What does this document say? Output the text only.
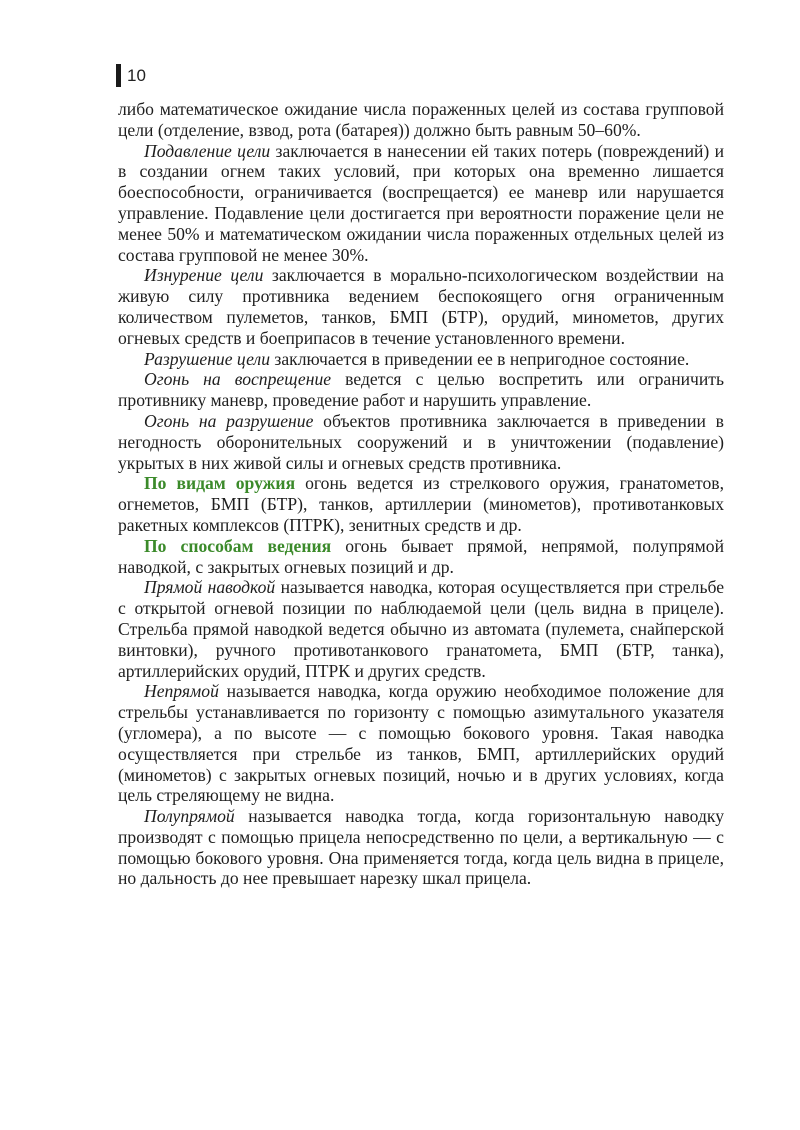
10

либо математическое ожидание числа пораженных целей из состава групповой цели (отделение, взвод, рота (батарея)) должно быть равным 50–60%.

Подавление цели заключается в нанесении ей таких потерь (повреждений) и в создании огнем таких условий, при которых она временно лишается боеспособности, ограничивается (воспрещается) ее маневр или нарушается управление. Подавление цели достигается при вероятности поражение цели не менее 50% и математическом ожидании числа пораженных отдельных целей из состава групповой не менее 30%.

Изнурение цели заключается в морально-психологическом воздействии на живую силу противника ведением беспокоящего огня ограниченным количеством пулеметов, танков, БМП (БТР), орудий, минометов, других огневых средств и боеприпасов в течение установленного времени.

Разрушение цели заключается в приведении ее в непригодное состояние.

Огонь на воспрещение ведется с целью воспретить или ограничить противнику маневр, проведение работ и нарушить управление.

Огонь на разрушение объектов противника заключается в приведении в негодность оборонительных сооружений и в уничтожении (подавление) укрытых в них живой силы и огневых средств противника.

По видам оружия огонь ведется из стрелкового оружия, гранатометов, огнеметов, БМП (БТР), танков, артиллерии (минометов), противотанковых ракетных комплексов (ПТРК), зенитных средств и др.

По способам ведения огонь бывает прямой, непрямой, полупрямой наводкой, с закрытых огневых позиций и др.

Прямой наводкой называется наводка, которая осуществляется при стрельбе с открытой огневой позиции по наблюдаемой цели (цель видна в прицеле). Стрельба прямой наводкой ведется обычно из автомата (пулемета, снайперской винтовки), ручного противотанкового гранатомета, БМП (БТР, танка), артиллерийских орудий, ПТРК и других средств.

Непрямой называется наводка, когда оружию необходимое положение для стрельбы устанавливается по горизонту с помощью азимутального указателя (угломера), а по высоте — с помощью бокового уровня. Такая наводка осуществляется при стрельбе из танков, БМП, артиллерийских орудий (минометов) с закрытых огневых позиций, ночью и в других условиях, когда цель стреляющему не видна.

Полупрямой называется наводка тогда, когда горизонтальную наводку производят с помощью прицела непосредственно по цели, а вертикальную — с помощью бокового уровня. Она применяется тогда, когда цель видна в прицеле, но дальность до нее превышает нарезку шкал прицела.
